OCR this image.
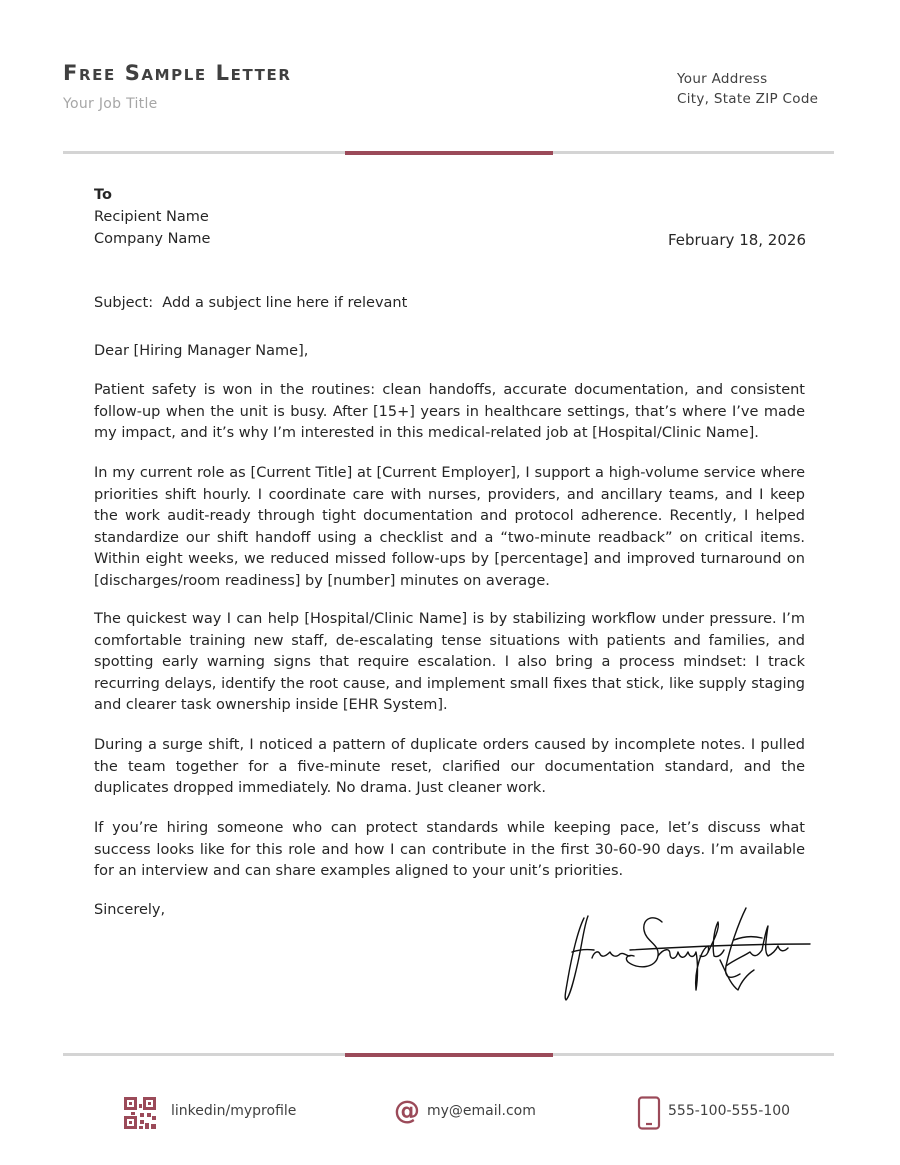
Free Sample Letter
Your Job Title
Your Address
City, State ZIP Code
To
Recipient Name
Company Name	February 18, 2026
Subject:  Add a subject line here if relevant
Dear [Hiring Manager Name],

Patient safety is won in the routines: clean handoffs, accurate documentation, and consistent follow-up when the unit is busy. After [15+] years in healthcare settings, that’s where I’ve made my impact, and it’s why I’m interested in this medical-related job at [Hospital/Clinic Name].

In my current role as [Current Title] at [Current Employer], I support a high-volume service where priorities shift hourly. I coordinate care with nurses, providers, and ancillary teams, and I keep the work audit-ready through tight documentation and protocol adherence. Recently, I helped standardize our shift handoff using a checklist and a “two-minute readback” on critical items. Within eight weeks, we reduced missed follow-ups by [percentage] and improved turnaround on [discharges/room readiness] by [number] minutes on average.

The quickest way I can help [Hospital/Clinic Name] is by stabilizing workflow under pressure. I’m comfortable training new staff, de-escalating tense situations with patients and families, and spotting early warning signs that require escalation. I also bring a process mindset: I track recurring delays, identify the root cause, and implement small fixes that stick, like supply staging and clearer task ownership inside [EHR System].

During a surge shift, I noticed a pattern of duplicate orders caused by incomplete notes. I pulled the team together for a five-minute reset, clarified our documentation standard, and the duplicates dropped immediately. No drama. Just cleaner work.

If you’re hiring someone who can protect standards while keeping pace, let’s discuss what success looks like for this role and how I can contribute in the first 30-60-90 days. I’m available for an interview and can share examples aligned to your unit’s priorities.

Sincerely,
linkedin/myprofile	@ my@email.com	555-100-555-100
